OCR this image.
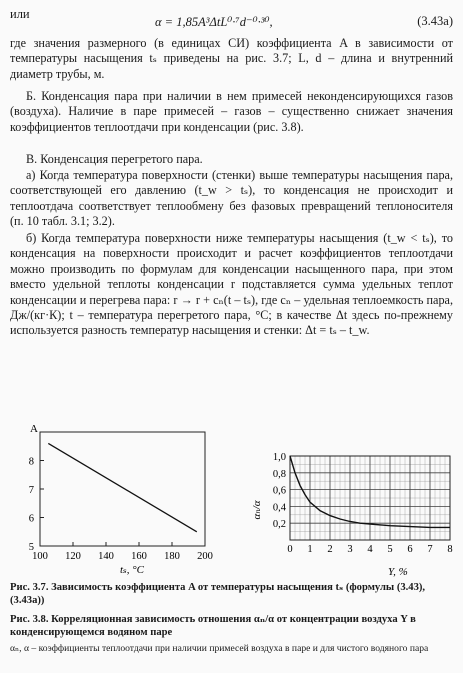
или
α = 1,85A³ΔtL⁰·⁷d⁻⁰·³⁰,	(3.43а)
где значения размерного (в единицах СИ) коэффициента A в зависимости от температуры насыщения tₛ приведены на рис. 3.7; L, d – длина и внутренний диаметр трубы, м.
Б. Конденсация пара при наличии в нем примесей неконденсирующихся газов (воздуха). Наличие в паре примесей – газов – существенно снижает значения коэффициентов теплоотдачи при конденсации (рис. 3.8).
В. Конденсация перегретого пара.
а) Когда температура поверхности (стенки) выше температуры насыщения пара, соответствующей его давлению (t_w > tₛ), то конденсация не происходит и теплоотдача соответствует теплообмену без фазовых превращений теплоносителя (п. 10 табл. 3.1; 3.2).
б) Когда температура поверхности ниже температуры насыщения (t_w < tₛ), то конденсация на поверхности происходит и расчет коэффициентов теплоотдачи можно производить по формулам для конденсации насыщенного пара, при этом вместо удельной теплоты конденсации r подставляется сумма удельных теплот конденсации и перегрева пара: r → r + cₙ(t – tₛ), где cₙ – удельная теплоемкость пара, Дж/(кг·К); t – температура перегретого пара, °C; в качестве Δt здесь по-прежнему используется разность температур насыщения и стенки: Δt = tₛ – t_w.
A
tₛ, °C
100 120 140 160 180 200
5
6
7
8
αₙ/α
Y, %
0 1 2 3 4 5 6 7 8
0,2
0,4
0,6
0,8
1,0
Рис. 3.7. Зависимость коэффициента A от температуры насыщения tₛ (формулы (3.43), (3.43а))
Рис. 3.8. Корреляционная зависимость отношения αₙ/α от концентрации воздуха Y в конденсирующемся водяном паре
αₙ, α – коэффициенты теплоотдачи при наличии примесей воздуха в паре и для чистого водяного пара
